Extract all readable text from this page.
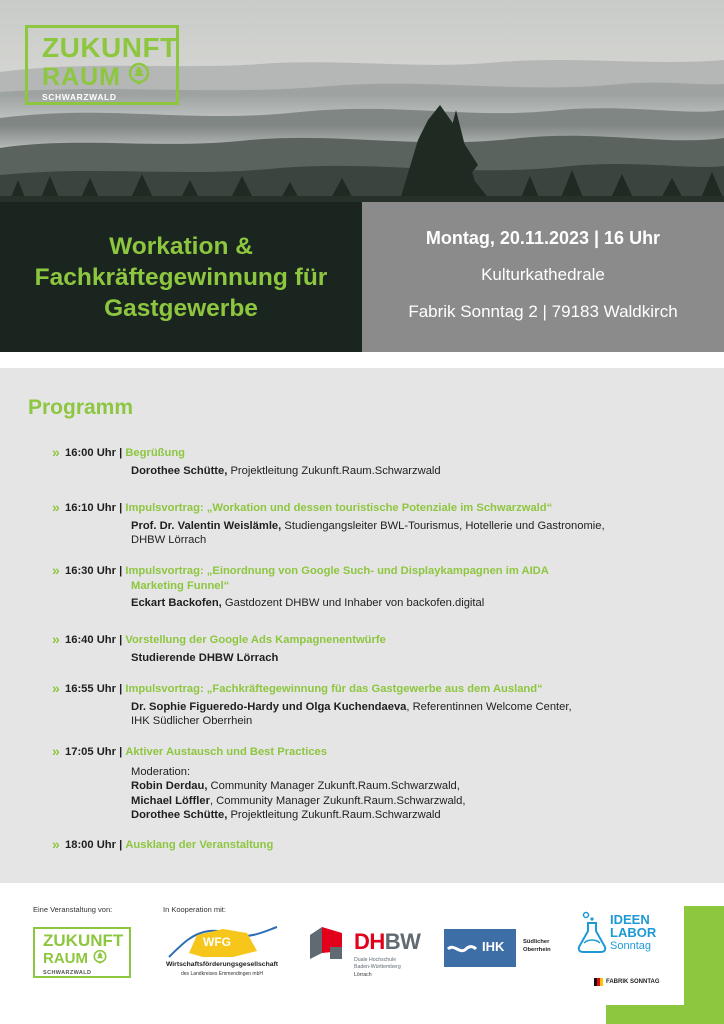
ZUKUNFT
RAUM
SCHWARZWALD
Workation & Fachkräftegewinnung für Gastgewerbe
Montag, 20.11.2023 | 16 Uhr
Kulturkathedrale
Fabrik Sonntag 2 | 79183 Waldkirch
Programm
» 16:00 Uhr | Begrüßung
Dorothee Schütte, Projektleitung Zukunft.Raum.Schwarzwald
» 16:10 Uhr | Impulsvortrag: „Workation und dessen touristische Potenziale im Schwarzwald“
Prof. Dr. Valentin Weislämle, Studiengangsleiter BWL-Tourismus, Hotellerie und Gastronomie,
DHBW Lörrach
» 16:30 Uhr | Impulsvortrag: „Einordnung von Google Such- und Displaykampagnen im AIDA
Marketing Funnel“
Eckart Backofen, Gastdozent DHBW und Inhaber von backofen.digital
» 16:40 Uhr | Vorstellung der Google Ads Kampagnenentwürfe
Studierende DHBW Lörrach
» 16:55 Uhr | Impulsvortrag: „Fachkräftegewinnung für das Gastgewerbe aus dem Ausland“
Dr. Sophie Figueredo-Hardy und Olga Kuchendaeva, Referentinnen Welcome Center,
IHK Südlicher Oberrhein
» 17:05 Uhr | Aktiver Austausch und Best Practices
Moderation:
Robin Derdau, Community Manager Zukunft.Raum.Schwarzwald,
Michael Löffler, Community Manager Zukunft.Raum.Schwarzwald,
Dorothee Schütte, Projektleitung Zukunft.Raum.Schwarzwald
» 18:00 Uhr | Ausklang der Veranstaltung
Eine Veranstaltung von:	In Kooperation mit:
ZUKUNFT
RAUM
SCHWARZWALD
WFG
Wirtschaftsförderungsgesellschaft
des Landkreises Emmendingen mbH
DHBW
Duale Hochschule
Baden-Württemberg
Lörrach
IHK	Südlicher
Oberrhein
IDEEN
LABOR
Sonntag
FABRIK SONNTAG
